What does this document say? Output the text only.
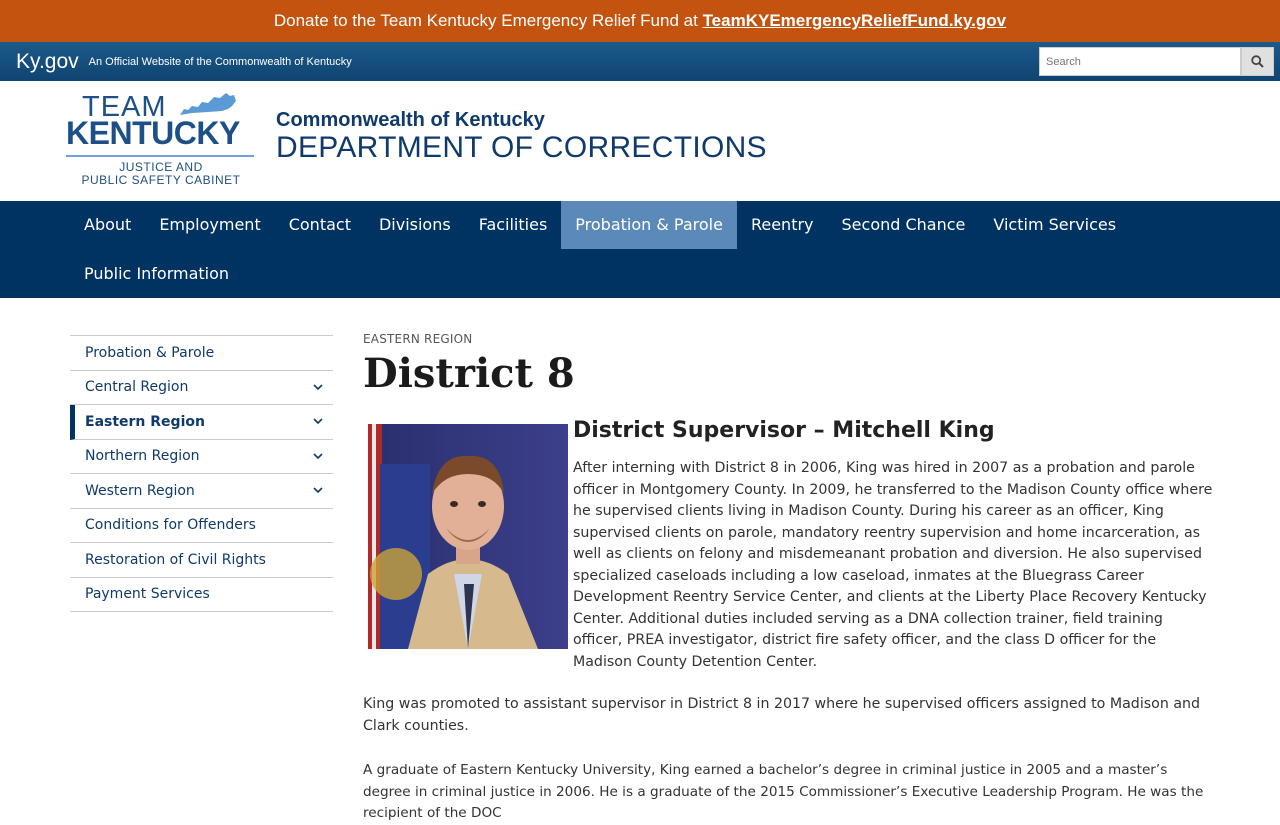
Donate to the Team Kentucky Emergency Relief Fund at TeamKYEmergencyReliefFund.ky.gov
Ky.gov An Official Website of the Commonwealth of Kentucky
Search
TEAM
KENTUCKY
JUSTICE AND
PUBLIC SAFETY CABINET
Commonwealth of Kentucky
DEPARTMENT OF CORRECTIONS
About	Employment	Contact	Divisions	Facilities	Probation & Parole	Reentry	Second Chance	Victim Services
Public Information
Probation & Parole
Central Region
Eastern Region
Northern Region
Western Region
Conditions for Offenders
Restoration of Civil Rights
Payment Services
EASTERN REGION
District 8
District Supervisor – Mitchell King

After interning with District 8 in 2006, King was hired in 2007 as a probation and parole officer in Montgomery County. In 2009, he transferred to the Madison County office where he supervised clients living in Madison County. During his career as an officer, King supervised clients on parole, mandatory reentry supervision and home incarceration, as well as clients on felony and misdemeanant probation and diversion. He also supervised specialized caseloads including a low caseload, inmates at the Bluegrass Career Development Reentry Service Center, and clients at the Liberty Place Recovery Kentucky Center. Additional duties included serving as a DNA collection trainer, field training officer, PREA investigator, district fire safety officer, and the class D officer for the Madison County Detention Center.

King was promoted to assistant supervisor in District 8 in 2017 where he supervised officers assigned to Madison and Clark counties.

A graduate of Eastern Kentucky University, King earned a bachelor’s degree in criminal justice in 2005 and a master’s degree in criminal justice in 2006. He is a graduate of the 2015 Commissioner’s Executive Leadership Program. He was the recipient of the DOC
